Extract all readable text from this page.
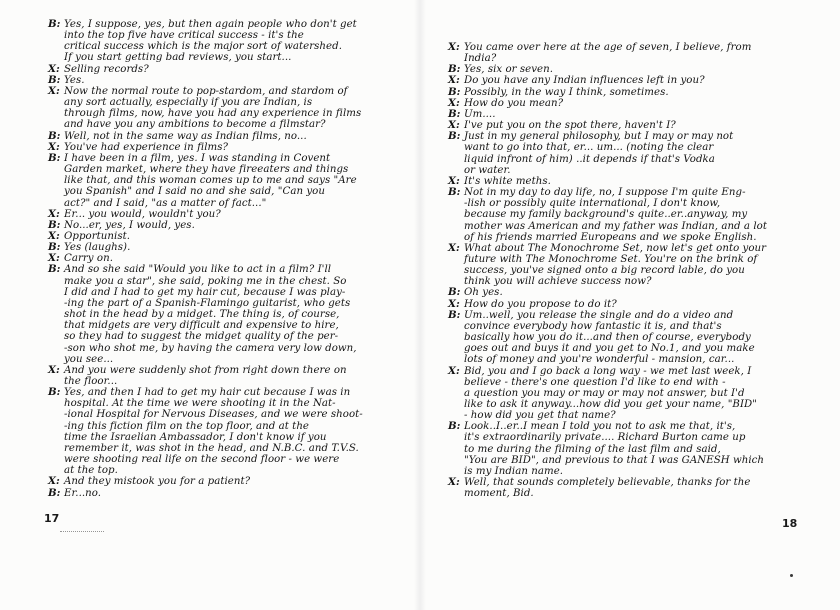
B: Yes, I suppose, yes, but then again people who don't get
into the top five have critical success - it's the
critical success which is the major sort of watershed.
If you start getting bad reviews, you start...
X: Selling records?
B: Yes.
X: Now the normal route to pop-stardom, and stardom of
any sort actually, especially if you are Indian, is
through films, now, have you had any experience in films
and have you any ambitions to become a filmstar?
B: Well, not in the same way as Indian films, no...
X: You've had experience in films?
B: I have been in a film, yes. I was standing in Covent
Garden market, where they have fireeaters and things
like that, and this woman comes up to me and says "Are
you Spanish" and I said no and she said, "Can you
act?" and I said, "as a matter of fact..."
X: Er... you would, wouldn't you?
B: No...er, yes, I would, yes.
X: Opportunist.
B: Yes (laughs).
X: Carry on.
B: And so she said "Would you like to act in a film? I'll
make you a star", she said, poking me in the chest. So
I did and I had to get my hair cut, because I was play-
-ing the part of a Spanish-Flamingo guitarist, who gets
shot in the head by a midget. The thing is, of course,
that midgets are very difficult and expensive to hire,
so they had to suggest the midget quality of the per-
-son who shot me, by having the camera very low down,
you see...
X: And you were suddenly shot from right down there on
the floor...
B: Yes, and then I had to get my hair cut because I was in
hospital. At the time we were shooting it in the Nat-
-ional Hospital for Nervous Diseases, and we were shoot-
-ing this fiction film on the top floor, and at the
time the Israelian Ambassador, I don't know if you
remember it, was shot in the head, and N.B.C. and T.V.S.
were shooting real life on the second floor - we were
at the top.
X: And they mistook you for a patient?
B: Er...no.
17
X: You came over here at the age of seven, I believe, from
India?
B: Yes, six or seven.
X: Do you have any Indian influences left in you?
B: Possibly, in the way I think, sometimes.
X: How do you mean?
B: Um....
X: I've put you on the spot there, haven't I?
B: Just in my general philosophy, but I may or may not
want to go into that, er... um... (noting the clear
liquid infront of him) ..it depends if that's Vodka
or water.
X: It's white meths.
B: Not in my day to day life, no, I suppose I'm quite Eng-
-lish or possibly quite international, I don't know,
because my family background's quite..er..anyway, my
mother was American and my father was Indian, and a lot
of his friends married Europeans and we spoke English.
X: What about The Monochrome Set, now let's get onto your
future with The Monochrome Set. You're on the brink of
success, you've signed onto a big record lable, do you
think you will achieve success now?
B: Oh yes.
X: How do you propose to do it?
B: Um..well, you release the single and do a video and
convince everybody how fantastic it is, and that's
basically how you do it...and then of course, everybody
goes out and buys it and you get to No.1, and you make
lots of money and you're wonderful - mansion, car...
X: Bid, you and I go back a long way - we met last week, I
believe - there's one question I'd like to end with -
a question you may or may or may not answer, but I'd
like to ask it anyway...how did you get your name, "BID"
- how did you get that name?
B: Look..I..er..I mean I told you not to ask me that, it's,
it's extraordinarily private.... Richard Burton came up
to me during the filming of the last film and said,
"You are BID", and previous to that I was GANESH which
is my Indian name.
X: Well, that sounds completely believable, thanks for the
moment, Bid.
18
